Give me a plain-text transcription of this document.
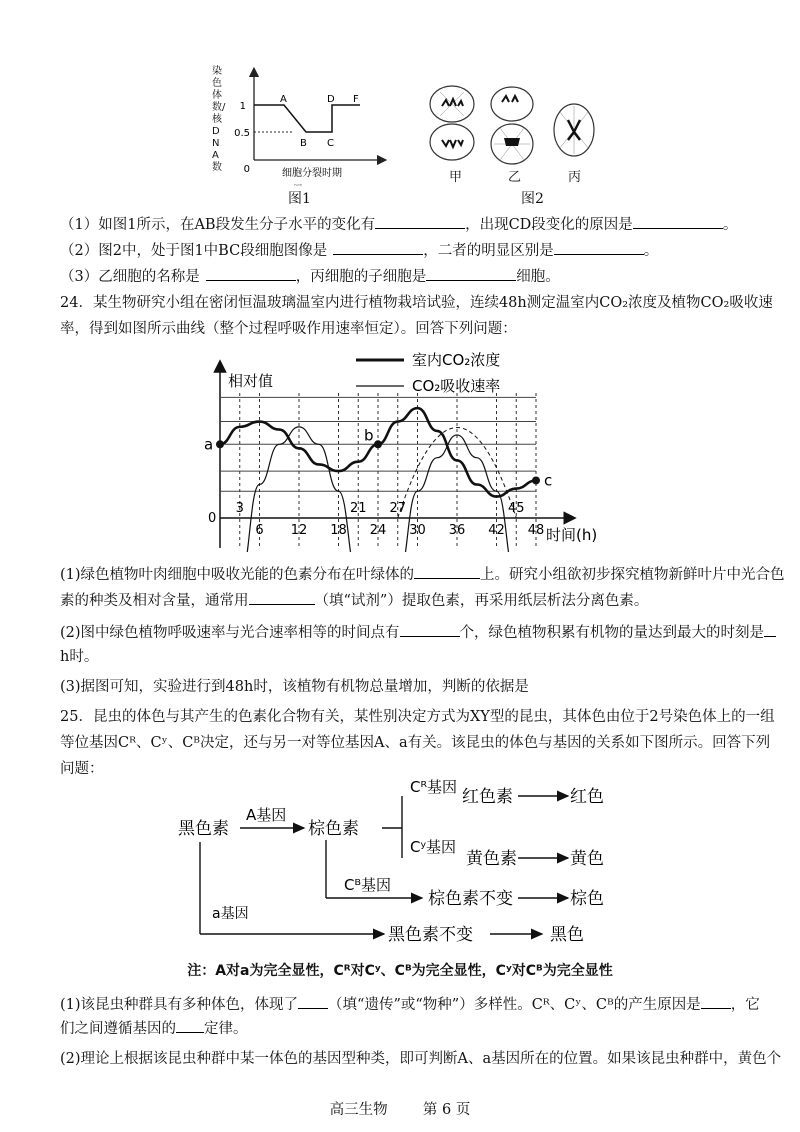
1
0.5
0
A
B C
D F
细胞分裂时期
ᴾᴬᵀᴱ
染色体数/核DNA数
图1
甲	乙	丙
图2
（1）如图1所示，在AB段发生分子水平的变化有	，出现CD段变化的原因是	。
（2）图2中，处于图1中BC段细胞图像是	，二者的明显区别是	。
（3）乙细胞的名称是	，丙细胞的子细胞是	细胞。
24．某生物研究小组在密闭恒温玻璃温室内进行植物栽培试验，连续48h测定温室内CO₂浓度及植物CO₂吸收速
率，得到如图所示曲线（整个过程呼吸作用速率恒定）。回答下列问题：
a	b
c
相对值
时间(h)
0
6 12 18 24 30 36 42 48
3	21 27	45
室内CO₂浓度
CO₂吸收速率
(1)绿色植物叶肉细胞中吸收光能的色素分布在叶绿体的	上。研究小组欲初步探究植物新鲜叶片中光合色
素的种类及相对含量，通常用	（填“试剂”）提取色素，再采用纸层析法分离色素。
(2)图中绿色植物呼吸速率与光合速率相等的时间点有	个，绿色植物积累有机物的量达到最大的时刻是
h时。
(3)据图可知，实验进行到48h时，该植物有机物总量增加，判断的依据是
25．昆虫的体色与其产生的色素化合物有关，某性别决定方式为XY型的昆虫，其体色由位于2号染色体上的一组
等位基因Cᴿ、Cʸ、Cᴮ决定，还与另一对等位基因A、a有关。该昆虫的体色与基因的关系如下图所示。回答下列
问题：
黑色素
A基因
棕色素
Cᴿ基因 红色素	红色
Cʸ基因
黄色素	黄色
Cᴮ基因
棕色素不变	棕色
a基因
黑色素不变	黑色
注：A对a为完全显性，Cᴿ对Cʸ、Cᴮ为完全显性，Cʸ对Cᴮ为完全显性
(1)该昆虫种群具有多种体色，体现了 （填“遗传”或“物种”）多样性。Cᴿ、Cʸ、Cᴮ的产生原因是 ，它
们之间遵循基因的 定律。
(2)理论上根据该昆虫种群中某一体色的基因型种类，即可判断A、a基因所在的位置。如果该昆虫种群中，黄色个
高三生物 第 6 页
